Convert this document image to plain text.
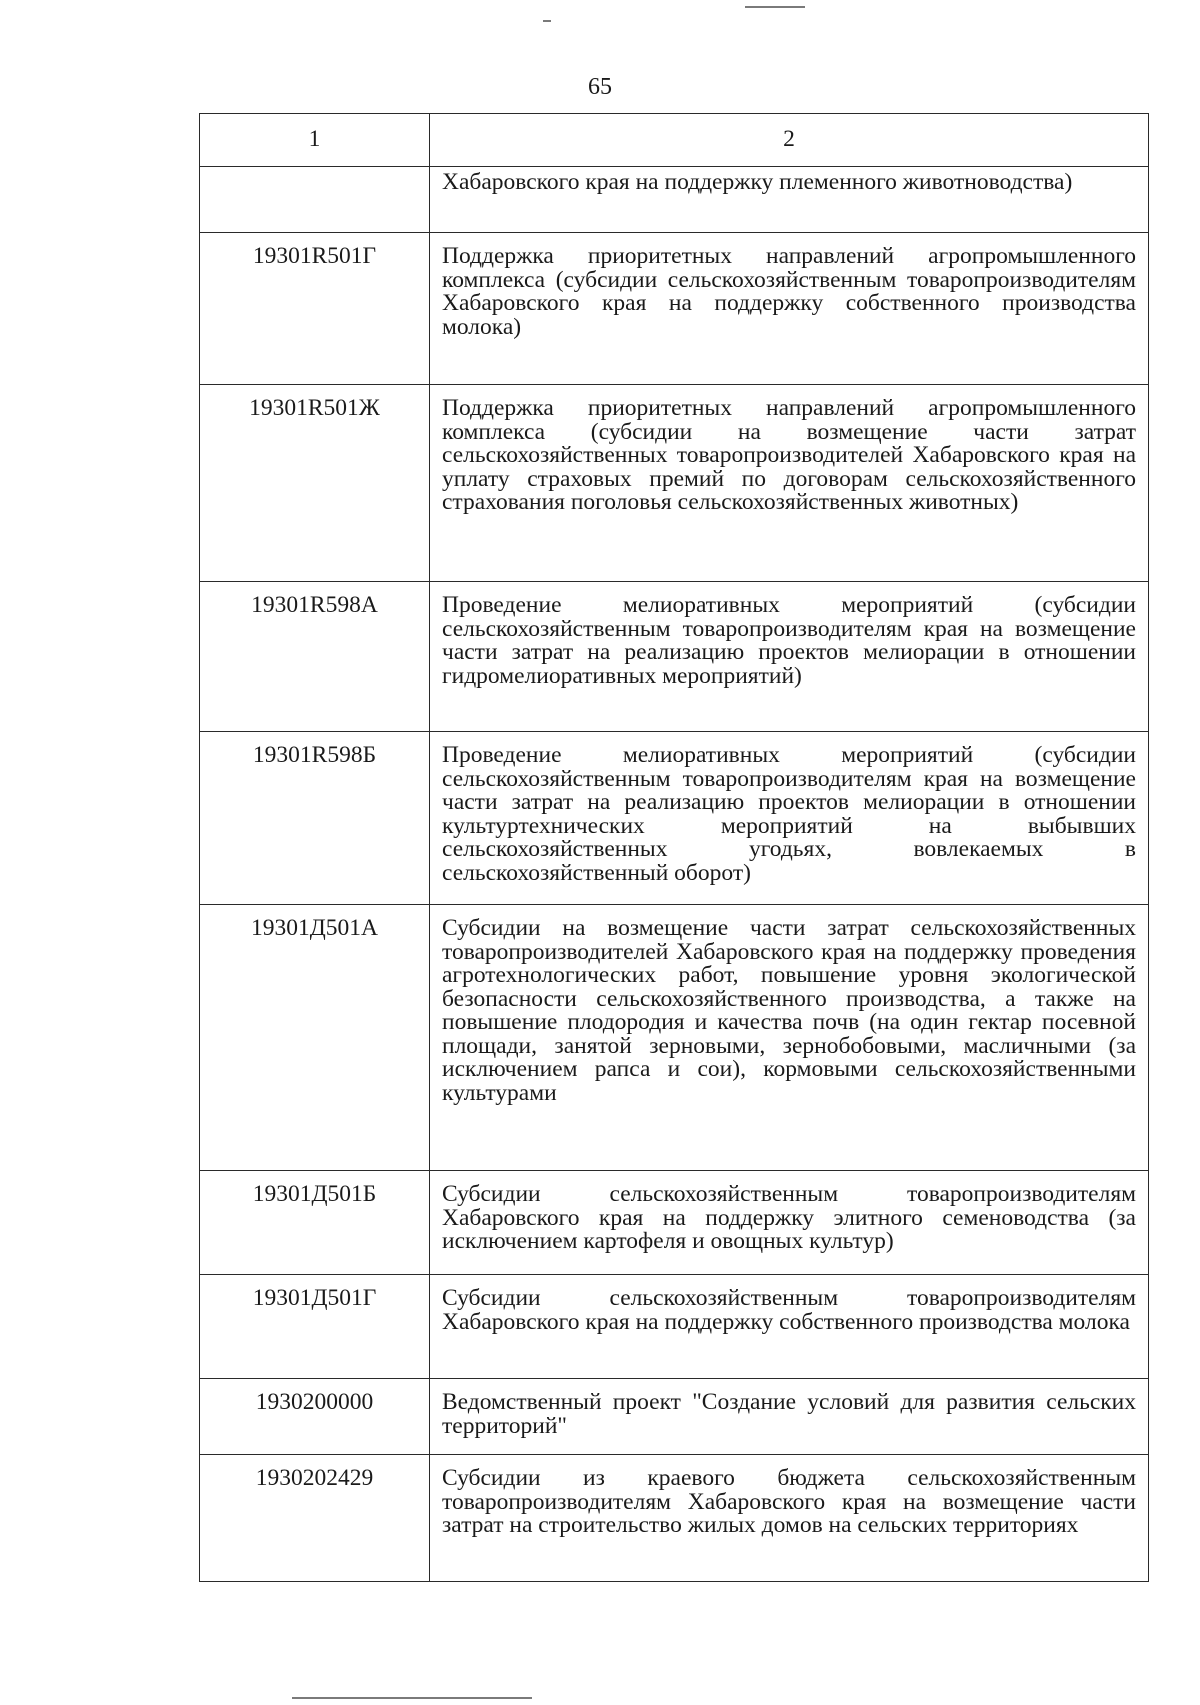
65
1	2
	Хабаровского края на поддержку племенного животноводства)
19301R501Г	Поддержка приоритетных направлений агропромышленного комплекса (субсидии сельскохозяйственным товаропроизводителям Хабаровского края на поддержку собственного производства молока)
19301R501Ж	Поддержка приоритетных направлений агропромышленного комплекса (субсидии на возмещение части затрат сельскохозяйственных товаропроизводителей Хабаровского края на уплату страховых премий по договорам сельскохозяйственного страхования поголовья сельскохозяйственных животных)
19301R598А	Проведение мелиоративных мероприятий (субсидии сельскохозяйственным товаропроизводителям края на возмещение части затрат на реализацию проектов мелиорации в отношении гидромелиоративных мероприятий)
19301R598Б	Проведение мелиоративных мероприятий (субсидии сельскохозяйственным товаропроизводителям края на возмещение части затрат на реализацию проектов мелиорации в отношении культуртехнических мероприятий на выбывших сельскохозяйственных угодьях, вовлекаемых в сельскохозяйственный оборот)
19301Д501А	Субсидии на возмещение части затрат сельскохозяйственных товаропроизводителей Хабаровского края на поддержку проведения агротехнологических работ, повышение уровня экологической безопасности сельскохозяйственного производства, а также на повышение плодородия и качества почв (на один гектар посевной площади, занятой зерновыми, зернобобовыми, масличными (за исключением рапса и сои), кормовыми сельскохозяйственными культурами
19301Д501Б	Субсидии сельскохозяйственным товаропроизводителям Хабаровского края на поддержку элитного семеноводства (за исключением картофеля и овощных культур)
19301Д501Г	Субсидии сельскохозяйственным товаропроизводителям Хабаровского края на поддержку собственного производства молока
1930200000	Ведомственный проект "Создание условий для развития сельских территорий"
1930202429	Субсидии из краевого бюджета сельскохозяйственным товаропроизводителям Хабаровского края на возмещение части затрат на строительство жилых домов на сельских территориях
